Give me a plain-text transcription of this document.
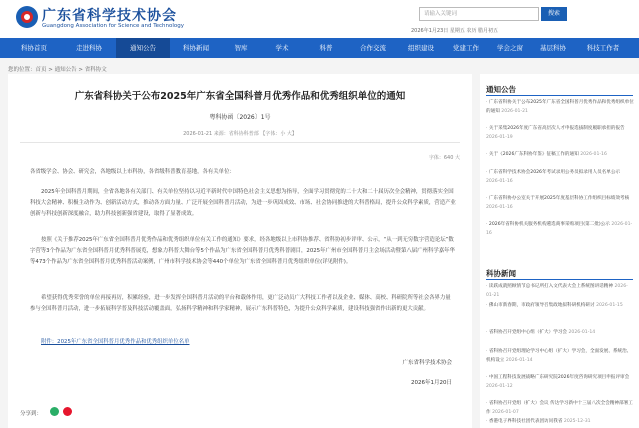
广东省科学技术协会
Guangdong Association for Science and Technology
请输入关键词	搜索
2026年1月23日 星期五 农历 腊月初五
科协首页	走进科协	通知公告	科协新闻	智库	学术	科普	合作交流	组织建设	党建工作	学会之窗	基层科协	科技工作者
您的位置：首页 > 通知公告 > 省科协文
广东省科协关于公布2025年广东省全国科普月优秀作品和优秀组织单位的通知
粤科协函〔2026〕1号
2026-01-21 来源：省科协科普部 【字体：小 大】
字体：640 大
各省级学会、协会、研究会，各地级以上市科协，各省级科普教育基地，各有关单位：
2025年全国科普月期间，全省各地各有关部门、有关单位坚持以习近平新时代中国特色社会主义思想为指导，全面学习贯彻党的二十大和二十届历次全会精神，贯彻落实全国科技大会精神、积极主动作为、创新活动方式，推动各方面力量、广泛开展全国科普月活动，为进一步巩固成效、市场、社会协同推进的大科普格局，提升公众科学素质，营造产业创新与科技创新深度融合，助力科技创新强省建设，取得了显著成效。
按照《关于推荐2025年广东省全国科普月优秀作品和优秀组织单位有关工作的通知》要求，经各地级以上市科协推荐、省科协初步评审、公示，“从一到无穷数字营造论坛”数字营等3个作品为广东省全国科普月优秀科普展览，想象力科普大舞台等5个作品为广东省全国科普月优秀科普剧目，2025年广州市全国科普月主会场活动暨第八届广州科学嘉年华等473个作品为广东省全国科普月优秀科普活动案例，广州市科学技术协会等440个单位为广东省全国科普月优秀组织单位(详见附件)。
希望获得优秀荣誉的单位再接再厉，积累经验，进一步发挥全国科普月活动的平台和载体作用，更广泛动员广大科技工作者以及企业、媒体、高校、科研院所等社会各界力量参与全国科普月活动，进一步拓展科学普及科技活动覆盖面，弘扬科学精神和科学家精神，展示广东科普特色，为提升公众科学素质，建设科技强省作出新的更大贡献。
附件：2025年广东省全国科普月优秀作品和优秀组织单位名单
广东省科学技术协会
2026年1月20日
分享到：
通知公告
· 广东省科协关于公布2025年广东省全国科普月优秀作品和优秀组织单位的通知 2026-01-21
· 关于采集2026年度广东省高层次人才申报选拔制度履职承担的报告 2026-01-19
· 关于《2026广东科协年鉴》征稿工作的通知 2026-01-16
· 广东省科学技术协会2026年考试录用公务员拟录用人员名单公示 2026-01-16
· 广东省科协办公室关于开展2025年度基层科协工作组织目标绩效考核 2026-01-16
· 2026年省科协机关服务机构遴选商事采购项目(第二批)公示 2026-01-16
科协新闻
· 读跃成就照顾情节总书记所打入文代表大会上系统图讲话精神 2026-01-21
· 佛山市新春期，市政府领导召集政地拟科研机构研讨 2026-01-15
· 省科协召开党组中心组（扩大）学习会 2026-01-14
· 省科协召开党组理论学习中心组（扩大）学习会，全面发展、系统治、机构设立 2026-01-14
· 中国工程科技发展战略广东研究院2026年度咨询研究项目申报评审会 2026-01-12
· 省科协召开党组（扩大）会议 传达学习新中十三届八次全会精神部署工作 2026-01-07
· 香港电子界科技社团代表团访问我省 2025-12-31
